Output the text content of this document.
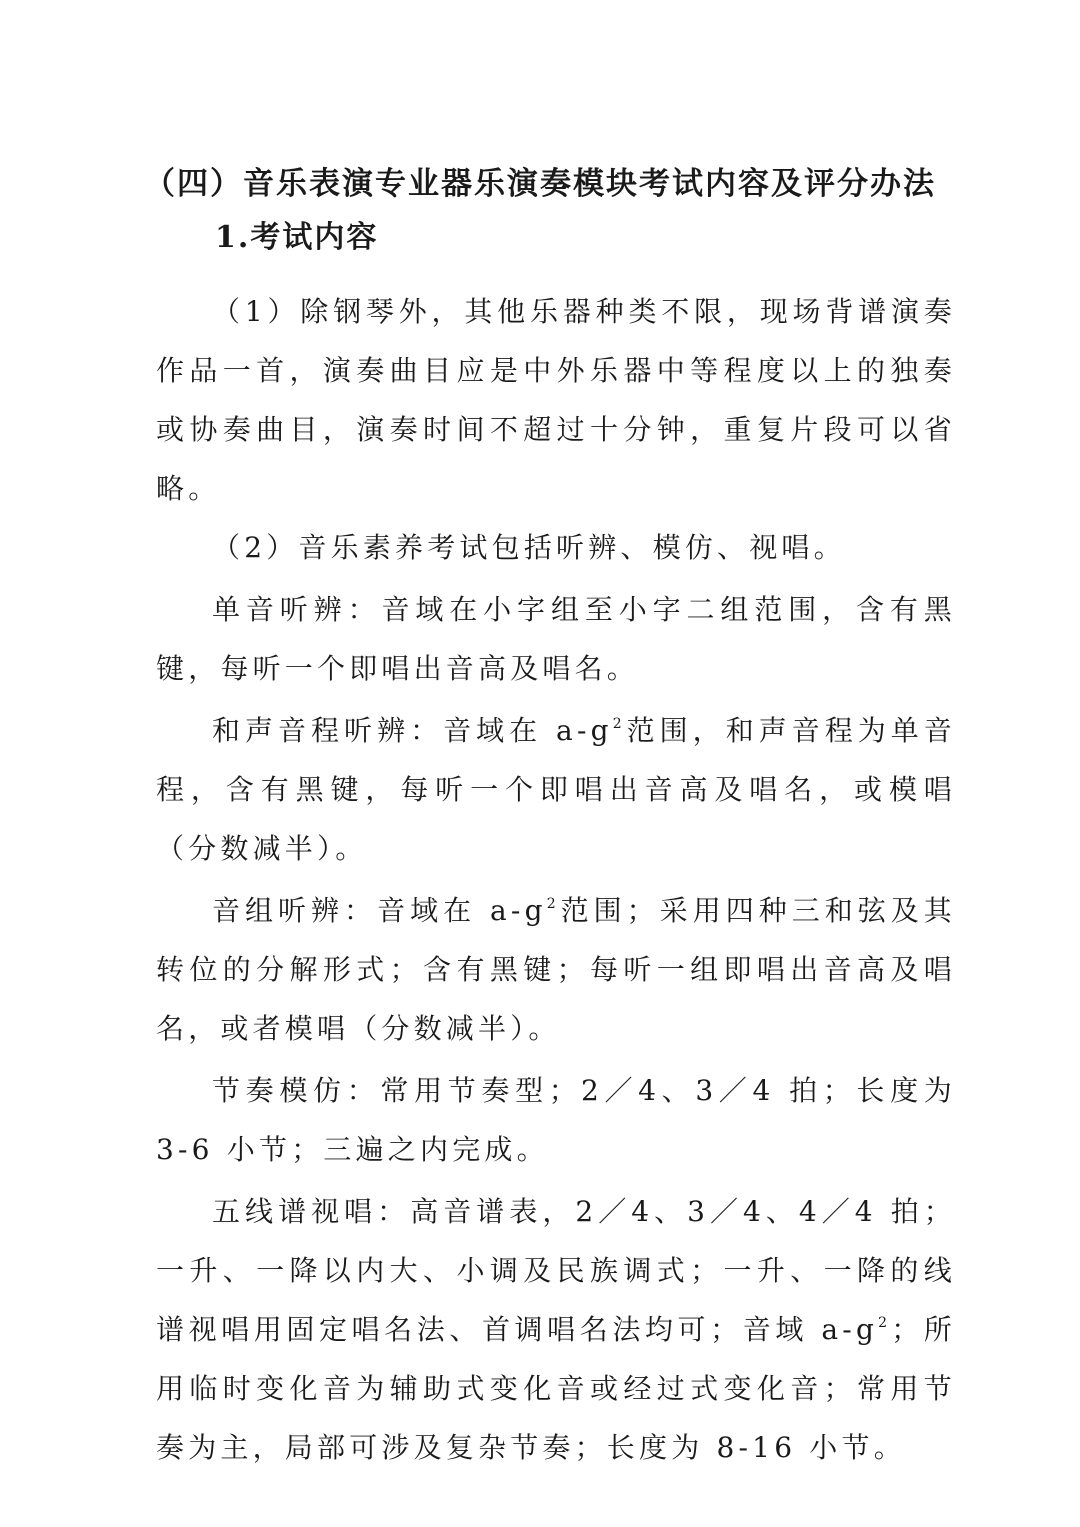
（四）音乐表演专业器乐演奏模块考试内容及评分办法
1.考试内容

（1）除钢琴外，其他乐器种类不限，现场背谱演奏作品一首，演奏曲目应是中外乐器中等程度以上的独奏或协奏曲目，演奏时间不超过十分钟，重复片段可以省略。

（2）音乐素养考试包括听辨、模仿、视唱。

单音听辨：音域在小字组至小字二组范围，含有黑键，每听一个即唱出音高及唱名。

和声音程听辨：音域在 $a-g^2$范围，和声音程为单音程，含有黑键，每听一个即唱出音高及唱名，或模唱（分数减半）。

音组听辨：音域在 $a-g^2$范围；采用四种三和弦及其转位的分解形式；含有黑键；每听一组即唱出音高及唱名，或者模唱（分数减半）。

节奏模仿：常用节奏型；2／4、3／4 拍；长度为 3-6 小节；三遍之内完成。

五线谱视唱：高音谱表，2／4、3／4、4／4 拍；一升、一降以内大、小调及民族调式；一升、一降的线谱视唱用固定唱名法、首调唱名法均可；音域 $a-g^2$；所用临时变化音为辅助式变化音或经过式变化音；常用节奏为主，局部可涉及复杂节奏；长度为 8-16 小节。
